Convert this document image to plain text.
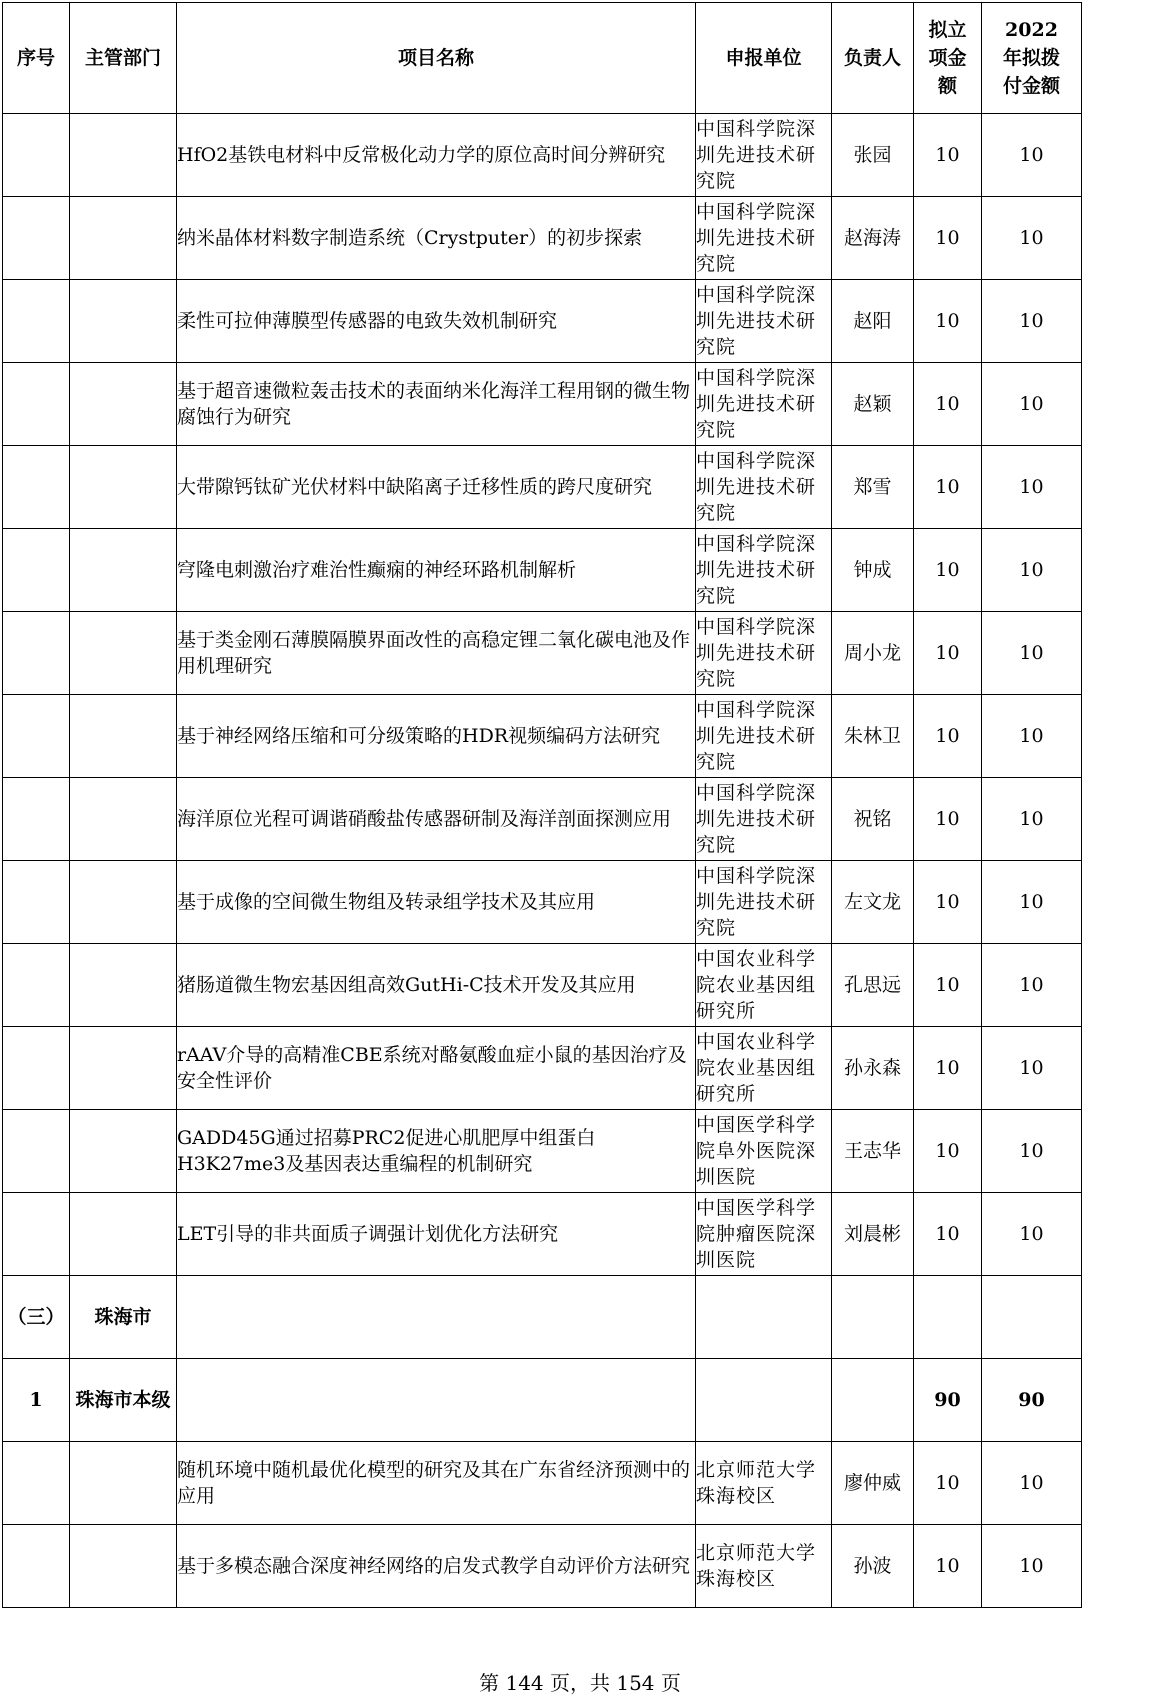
序号	主管部门	项目名称	申报单位	负责人	拟立项金额	2022年拟拨付金额
		HfO2基铁电材料中反常极化动力学的原位高时间分辨研究	中国科学院深圳先进技术研究院	张园	10	10
		纳米晶体材料数字制造系统（Crystputer）的初步探索	中国科学院深圳先进技术研究院	赵海涛	10	10
		柔性可拉伸薄膜型传感器的电致失效机制研究	中国科学院深圳先进技术研究院	赵阳	10	10
		基于超音速微粒轰击技术的表面纳米化海洋工程用钢的微生物腐蚀行为研究	中国科学院深圳先进技术研究院	赵颖	10	10
		大带隙钙钛矿光伏材料中缺陷离子迁移性质的跨尺度研究	中国科学院深圳先进技术研究院	郑雪	10	10
		穹隆电刺激治疗难治性癫痫的神经环路机制解析	中国科学院深圳先进技术研究院	钟成	10	10
		基于类金刚石薄膜隔膜界面改性的高稳定锂二氧化碳电池及作用机理研究	中国科学院深圳先进技术研究院	周小龙	10	10
		基于神经网络压缩和可分级策略的HDR视频编码方法研究	中国科学院深圳先进技术研究院	朱林卫	10	10
		海洋原位光程可调谐硝酸盐传感器研制及海洋剖面探测应用	中国科学院深圳先进技术研究院	祝铭	10	10
		基于成像的空间微生物组及转录组学技术及其应用	中国科学院深圳先进技术研究院	左文龙	10	10
		猪肠道微生物宏基因组高效GutHi-C技术开发及其应用	中国农业科学院农业基因组研究所	孔思远	10	10
		rAAV介导的高精准CBE系统对酪氨酸血症小鼠的基因治疗及安全性评价	中国农业科学院农业基因组研究所	孙永森	10	10
		GADD45G通过招募PRC2促进心肌肥厚中组蛋白H3K27me3及基因表达重编程的机制研究	中国医学科学院阜外医院深圳医院	王志华	10	10
		LET引导的非共面质子调强计划优化方法研究	中国医学科学院肿瘤医院深圳医院	刘晨彬	10	10
（三）	珠海市					
1	珠海市本级				90	90
		随机环境中随机最优化模型的研究及其在广东省经济预测中的应用	北京师范大学珠海校区	廖仲威	10	10
		基于多模态融合深度神经网络的启发式教学自动评价方法研究	北京师范大学珠海校区	孙波	10	10
第 144 页，共 154 页
